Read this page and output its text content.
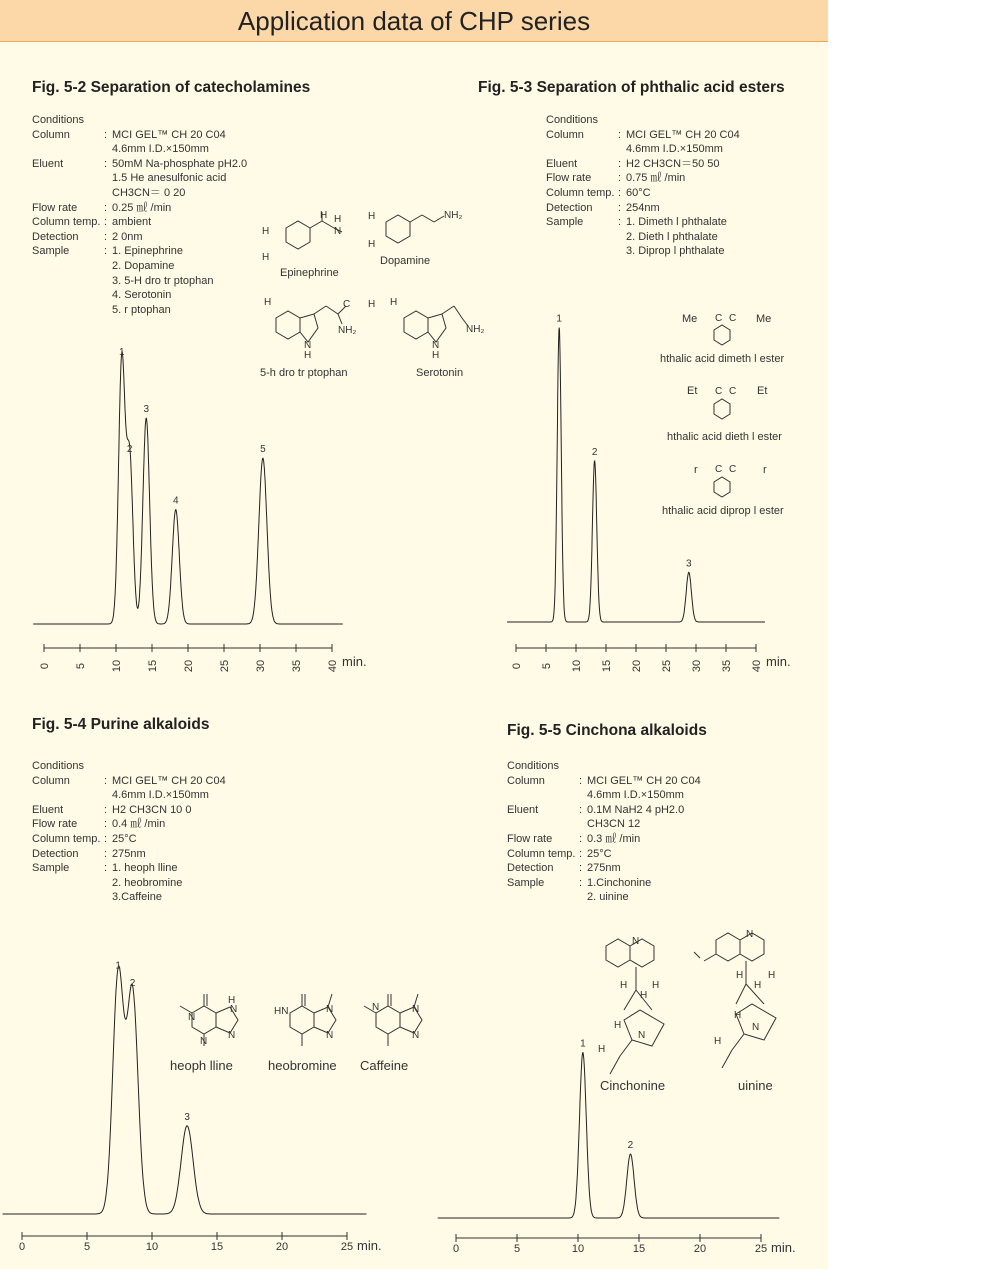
Application data of CHP series
Fig. 5-2 Separation of catecholamines
Conditions
Column	: MCI GEL™ CH 20 C04
4.6mm I.D.×150mm
Eluent	: 50mM Na-phosphate pH2.0
1.5 He anesulfonic acid
CH3CN＝ 0 20
Flow rate	: 0.25 ㎖ /min
Column temp. : ambient
Detection	: 2 0nm
Sample	: 1. Epinephrine
2. Dopamine
3. 5-H dro tr ptophan
4. Serotonin
5. r ptophan
Fig. 5-3 Separation of phthalic acid esters
Conditions
Column	: MCI GEL™ CH 20 C04
4.6mm I.D.×150mm
Eluent	: H2 CH3CN＝50 50
Flow rate	: 0.75 ㎖ /min
Column temp. : 60°C
Detection	: 254nm
Sample	: 1. Dimeth l phthalate
2. Dieth l phthalate
3. Diprop l phthalate
Fig. 5-4 Purine alkaloids
Conditions
Column	: MCI GEL™ CH 20 C04
4.6mm I.D.×150mm
Eluent	: H2 CH3CN 10 0
Flow rate	: 0.4 ㎖ /min
Column temp. : 25°C
Detection	: 275nm
Sample	: 1. heoph lline
2. heobromine
3.Caffeine
Fig. 5-5 Cinchona alkaloids
Conditions
Column	: MCI GEL™ CH 20 C04
4.6mm I.D.×150mm
Eluent	: 0.1M NaH2 4 pH2.0
CH3CN 12
Flow rate	: 0.3 ㎖ /min
Column temp. : 25°C
Detection	: 275nm
Sample	: 1.Cinchonine
2. uinine
H
H
H H
N
Epinephrine
H
H
NH₂
Dopamine
H	C H
NH₂
N
H
5-h dro tr ptophan
H
NH₂
N
H
Serotonin
Me C C Me
hthalic acid dimeth l ester
Et C C Et
hthalic acid dieth l ester
r C C r
hthalic acid diprop l ester
H
N
N
N
N
heoph lline
HN	N
N
heobromine
N	N
N
Caffeine
N
H H
H
H
N
H
Cinchonine
N
H H
H
H
N
H
uinine
1
2
3
4
5
0 5 10 15 20 25 30 35 40 min.
1
2
3
0 5 10 15 20 25 30 35 40 min.
1
2
3
0	5	10	15	20	25 min.
1
2
0	5	10	15	20	25 min.
